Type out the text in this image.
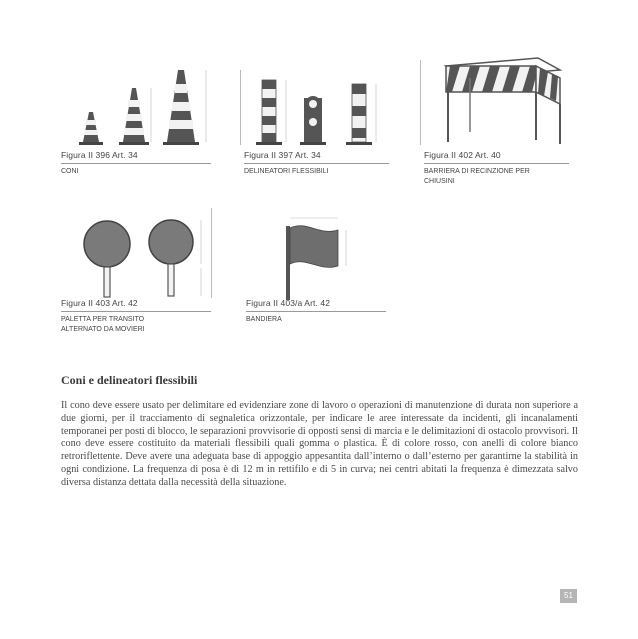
Figura II 396 Art. 34
CONI
Figura II 397 Art. 34
DELINEATORI FLESSIBILI
Figura II 402 Art. 40
BARRIERA DI RECINZIONE PER
CHIUSINI
Figura II 403 Art. 42
PALETTA PER TRANSITO
ALTERNATO DA MOVIERI
Figura II 403/a Art. 42
BANDIERA
Coni e delineatori flessibili
Il cono deve essere usato per delimitare ed evidenziare zone di lavoro o operazioni di manutenzione di durata non superiore a due giorni, per il tracciamento di segnaletica orizzontale, per indicare le aree interessate da incidenti, gli incanalamenti temporanei per posti di blocco, le separazioni provvisorie di opposti sensi di marcia e le delimitazioni di ostacolo provvisori. Il cono deve essere costituito da materiali flessibili quali gomma o plastica. È di colore rosso, con anelli di colore bianco retroriflettente. Deve avere una adeguata base di appoggio appesantita dall’interno o dall’esterno per garantirne la stabilità in ogni condizione. La frequenza di posa è di 12 m in rettifilo e di 5 in curva; nei centri abitati la frequenza è dimezzata salvo diversa distanza dettata dalla necessità della situazione.
51
